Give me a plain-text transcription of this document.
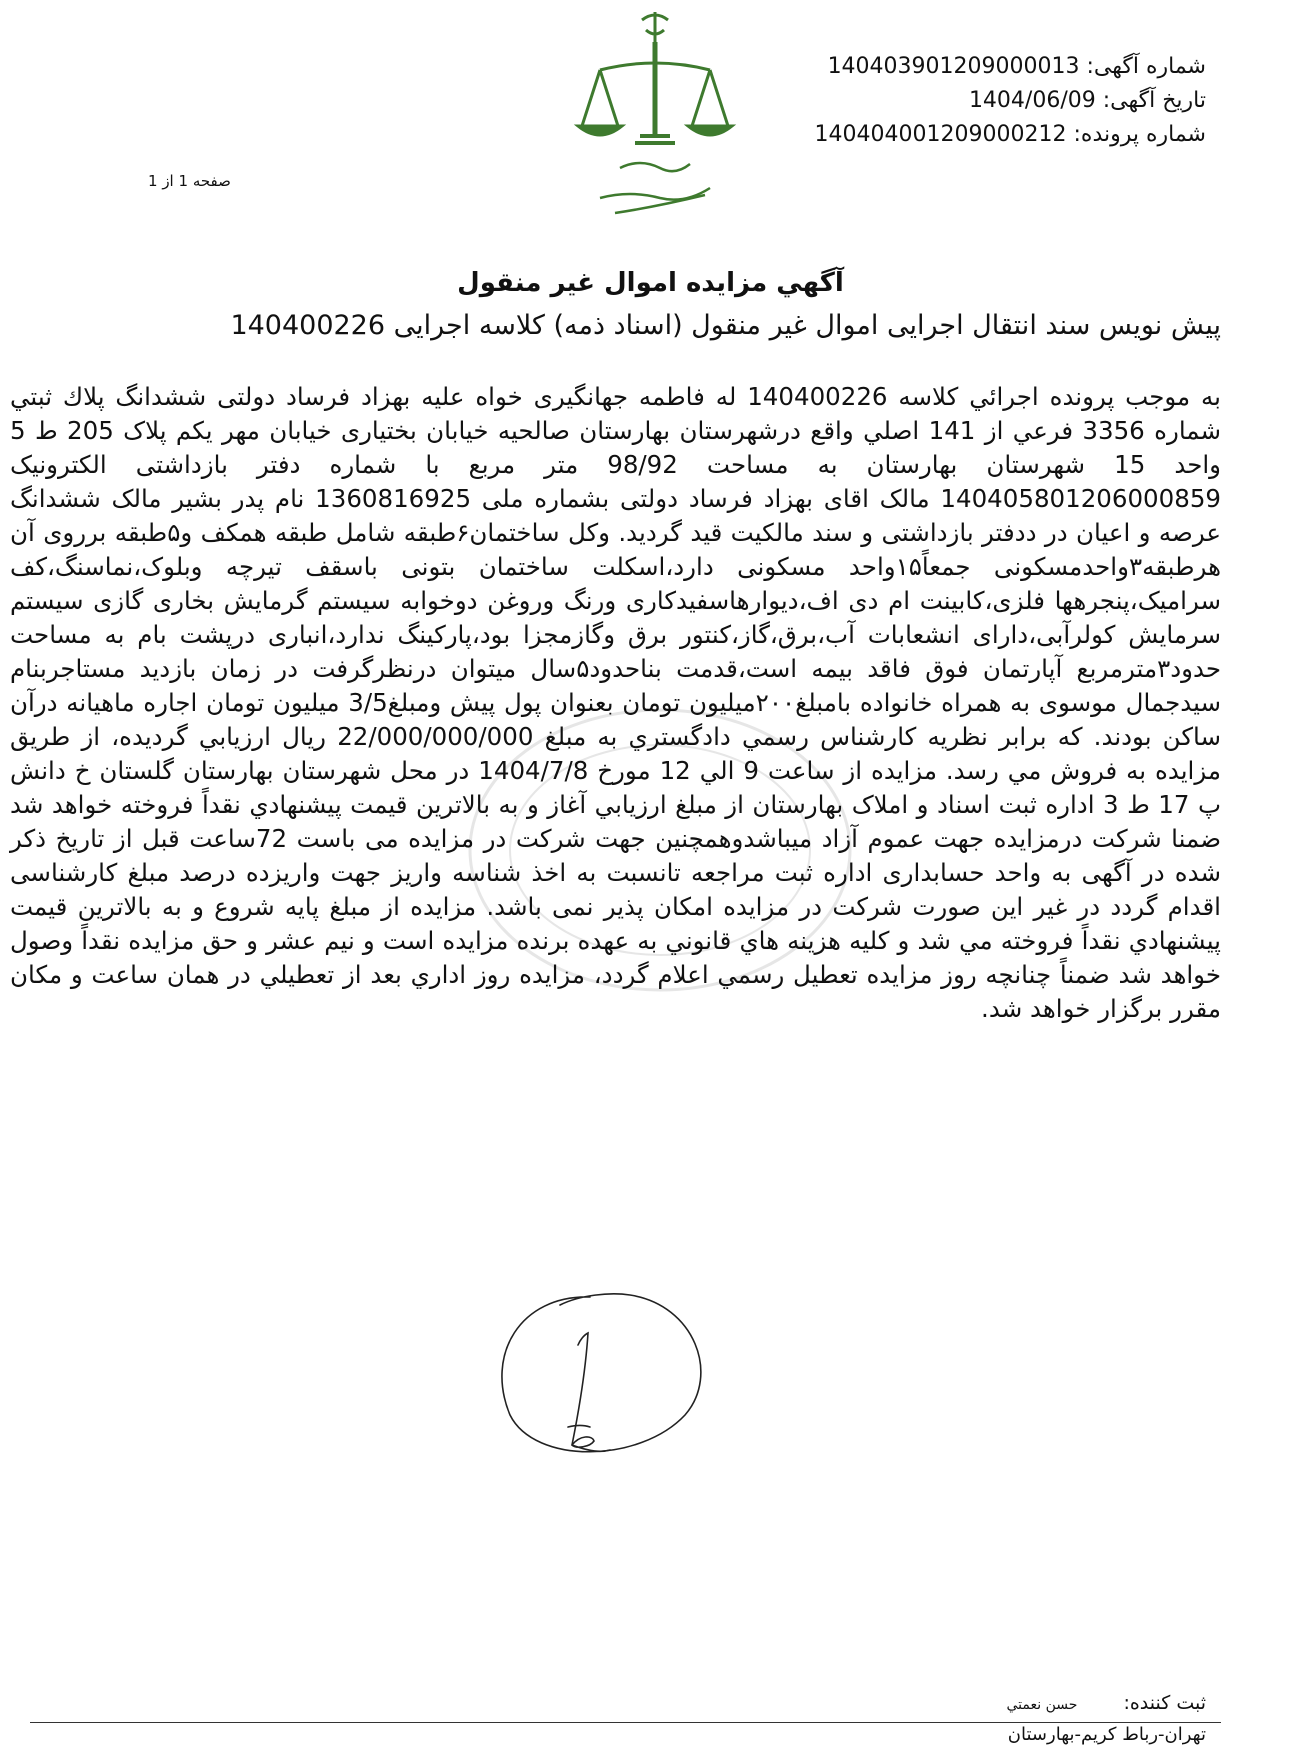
شماره آگهی: 140403901209000013
تاریخ آگهی: 1404/06/09
شماره پرونده: 140404001209000212
صفحه 1 از 1
آگهي مزايده اموال غير منقول
پیش نویس سند انتقال اجرایی اموال غیر منقول (اسناد ذمه) کلاسه اجرایی 140400226
به موجب پرونده اجرائي كلاسه 140400226 له فاطمه جهانگیری خواه علیه بهزاد فرساد دولتی ششدانگ پلاك ثبتي شماره 3356 فرعي از 141 اصلي واقع درشهرستان بهارستان صالحیه خیابان بختیاری خیابان مهر یکم پلاک 205 ط 5 واحد 15 شهرستان بهارستان به مساحت 98/92 متر مربع با شماره دفتر بازداشتی الکترونیک 140405801206000859 مالک اقای بهزاد فرساد دولتی بشماره ملی 1360816925 نام پدر بشیر مالک ششدانگ عرصه و اعیان در ددفتر بازداشتی و سند مالکیت قید گردید. وکل ساختمان۶طبقه شامل طبقه همکف و۵طبقه برروی آن هرطبقه۳واحدمسکونی جمعاً۱۵واحد مسکونی دارد،اسکلت ساختمان بتونی باسقف تیرچه وبلوک،نماسنگ،کف سرامیک،پنجرهها فلزی،کابینت ام دی اف،دیوارهاسفیدکاری ورنگ وروغن دوخوابه سیستم گرمایش بخاری گازی سیستم سرمایش کولرآبی،دارای انشعابات آب،برق،گاز،کنتور برق وگازمجزا بود،پارکینگ ندارد،انباری درپشت بام به مساحت حدود۳مترمربع آپارتمان فوق فاقد بیمه است،قدمت بناحدود۵سال میتوان درنظرگرفت در زمان بازدید مستاجربنام سیدجمال موسوی به همراه خانواده بامبلغ۲۰۰میلیون تومان بعنوان پول پیش ومبلغ3/5 میلیون تومان اجاره ماهیانه درآن ساکن بودند. كه برابر نظريه كارشناس رسمي دادگستري به مبلغ 22/000/000/000 ريال ارزيابي گرديده، از طريق مزايده به فروش مي رسد. مزايده از ساعت 9 الي 12 مورخ 1404/7/8 در محل شهرستان بهارستان گلستان خ دانش پ 17 ط 3 اداره ثبت اسناد و املاک بهارستان از مبلغ ارزيابي آغاز و به بالاترين قيمت پيشنهادي نقداً فروخته خواهد شد ضمنا شرکت درمزایده جهت عموم آزاد میباشدوهمچنین جهت شرکت در مزایده می باست 72ساعت قبل از تاریخ ذکر شده در آگهی به واحد حسابداری اداره ثبت مراجعه تانسبت به اخذ شناسه واریز جهت واریزده درصد مبلغ کارشناسی اقدام گردد در غیر این صورت شرکت در مزایده امکان پذیر نمی باشد. مزايده از مبلغ پايه شروع و به بالاترين قيمت پيشنهادي نقداً فروخته مي شد و كليه هزينه هاي قانوني به عهده برنده مزايده است و نيم عشر و حق مزايده نقداً وصول خواهد شد ضمناً چنانچه روز مزايده تعطيل رسمي اعلام گردد، مزايده روز اداري بعد از تعطيلي در همان ساعت و مكان مقرر برگزار خواهد شد.
ثبت كننده: حسن نعمتي
تهران-رباط کریم-بهارستان
